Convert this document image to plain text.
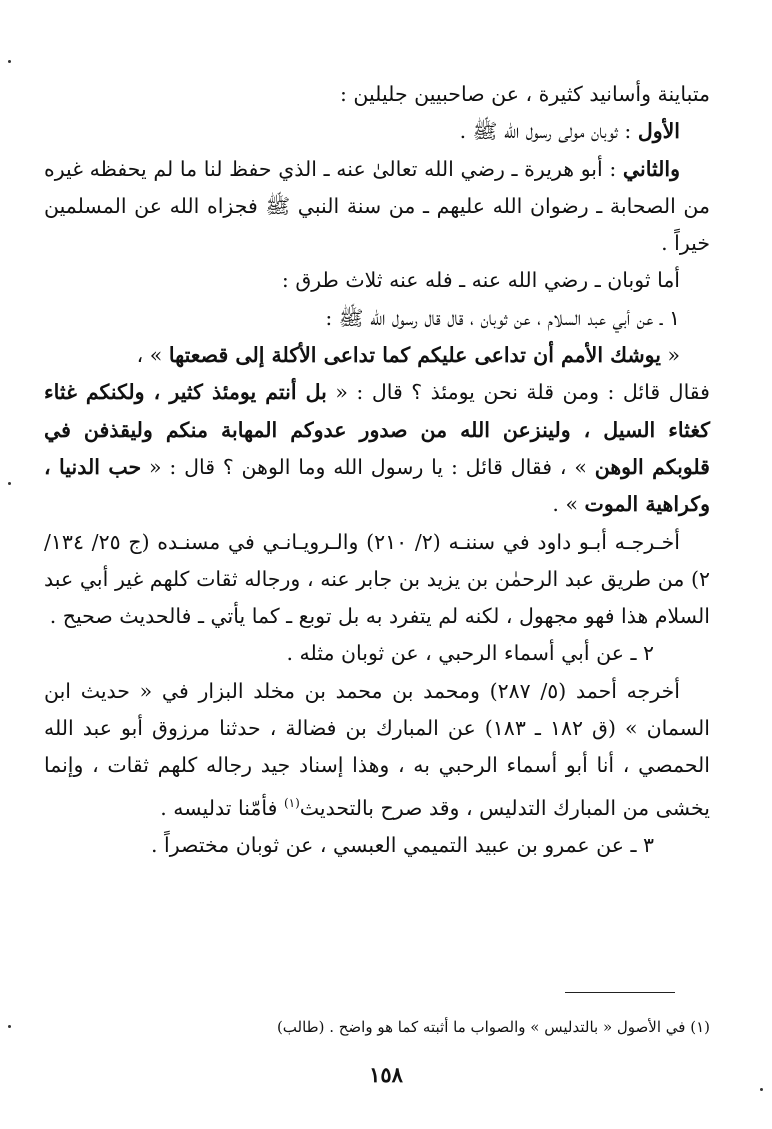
متباينة وأسانيد كثيرة ، عن صاحبيين جليلين :

الأول : ثوبان مولى رسول الله ﷺ .

والثاني : أبو هريرة ـ رضي الله تعالىٰ عنه ـ الذي حفظ لنا ما لم يحفظه غيره من الصحابة ـ رضوان الله عليهم ـ من سنة النبي ﷺ فجزاه الله عن المسلمين خيراً .

أما ثوبان ـ رضي الله عنه ـ فله عنه ثلاث طرق :

١ ـ عن أبي عبد السلام ، عن ثوبان ، قال قال رسول الله ﷺ :

« يوشك الأمم أن تداعى عليكم كما تداعى الأكلة إلى قصعتها » ،

فقال قائل : ومن قلة نحن يومئذ ؟ قال : « بل أنتم يومئذ كثير ، ولكنكم غثاء كغثاء السيل ، ولينزعن الله من صدور عدوكم المهابة منكم وليقذفن في قلوبكم الوهن » ، فقال قائل : يا رسول الله وما الوهن ؟ قال : « حب الدنيا ، وكراهية الموت » .

أخـرجـه أبـو داود في سننـه (٢/ ٢١٠) والـرويـانـي في مسنـده (ج ٢٥/ ١٣٤/ ٢) من طريق عبد الرحمٰن بن يزيد بن جابر عنه ، ورجاله ثقات كلهم غير أبي عبد السلام هذا فهو مجهول ، لكنه لم يتفرد به بل توبع ـ كما يأتي ـ فالحديث صحيح .

٢ ـ عن أبي أسماء الرحبي ، عن ثوبان مثله .

أخرجه أحمد (٥/ ٢٨٧) ومحمد بن محمد بن مخلد البزار في « حديث ابن السمان » (ق ١٨٢ ـ ١٨٣) عن المبارك بن فضالة ، حدثنا مرزوق أبو عبد الله الحمصي ، أنا أبو أسماء الرحبي به ، وهذا إسناد جيد رجاله كلهم ثقات ، وإنما يخشى من المبارك التدليس ، وقد صرح بالتحديث$^{(١)}$ فأمّنا تدليسه .

٣ ـ عن عمرو بن عبيد التميمي العبسي ، عن ثوبان مختصراً .

(١) في الأصول « بالتدليس » والصواب ما أثبته كما هو واضح . (طالب)
١٥٨
